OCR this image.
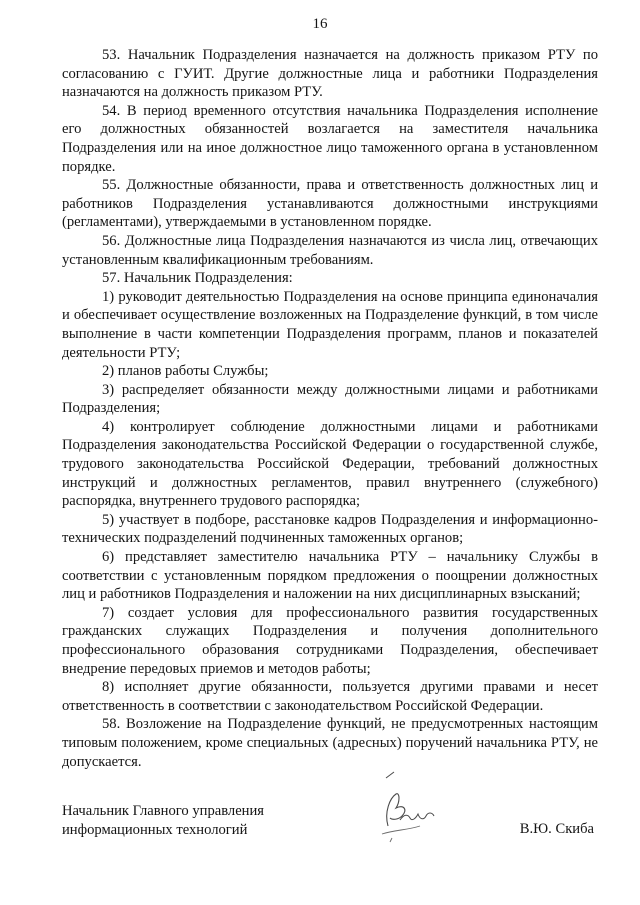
16

53. Начальник Подразделения назначается на должность приказом РТУ по согласованию с ГУИТ. Другие должностные лица и работники Подразделения назначаются на должность приказом РТУ.

54. В период временного отсутствия начальника Подразделения исполнение его должностных обязанностей возлагается на заместителя начальника Подразделения или на иное должностное лицо таможенного органа в установленном порядке.

55. Должностные обязанности, права и ответственность должностных лиц и работников Подразделения устанавливаются должностными инструкциями (регламентами), утверждаемыми в установленном порядке.

56. Должностные лица Подразделения назначаются из числа лиц, отвечающих установленным квалификационным требованиям.

57. Начальник Подразделения:

1) руководит деятельностью Подразделения на основе принципа единоначалия и обеспечивает осуществление возложенных на Подразделение функций, в том числе выполнение в части компетенции Подразделения программ, планов и показателей деятельности РТУ;

2) планов работы Службы;

3) распределяет обязанности между должностными лицами и работниками Подразделения;

4) контролирует соблюдение должностными лицами и работниками Подразделения законодательства Российской Федерации о государственной службе, трудового законодательства Российской Федерации, требований должностных инструкций и должностных регламентов, правил внутреннего (служебного) распорядка, внутреннего трудового распорядка;

5) участвует в подборе, расстановке кадров Подразделения и информационно-технических подразделений подчиненных таможенных органов;

6) представляет заместителю начальника РТУ – начальнику Службы в соответствии с установленным порядком предложения о поощрении должностных лиц и работников Подразделения и наложении на них дисциплинарных взысканий;

7) создает условия для профессионального развития государственных гражданских служащих Подразделения и получения дополнительного профессионального образования сотрудниками Подразделения, обеспечивает внедрение передовых приемов и методов работы;

8) исполняет другие обязанности, пользуется другими правами и несет ответственность в соответствии с законодательством Российской Федерации.

58. Возложение на Подразделение функций, не предусмотренных настоящим типовым положением, кроме специальных (адресных) поручений начальника РТУ, не допускается.

Начальник Главного управления
информационных технологий	В.Ю. Скиба
